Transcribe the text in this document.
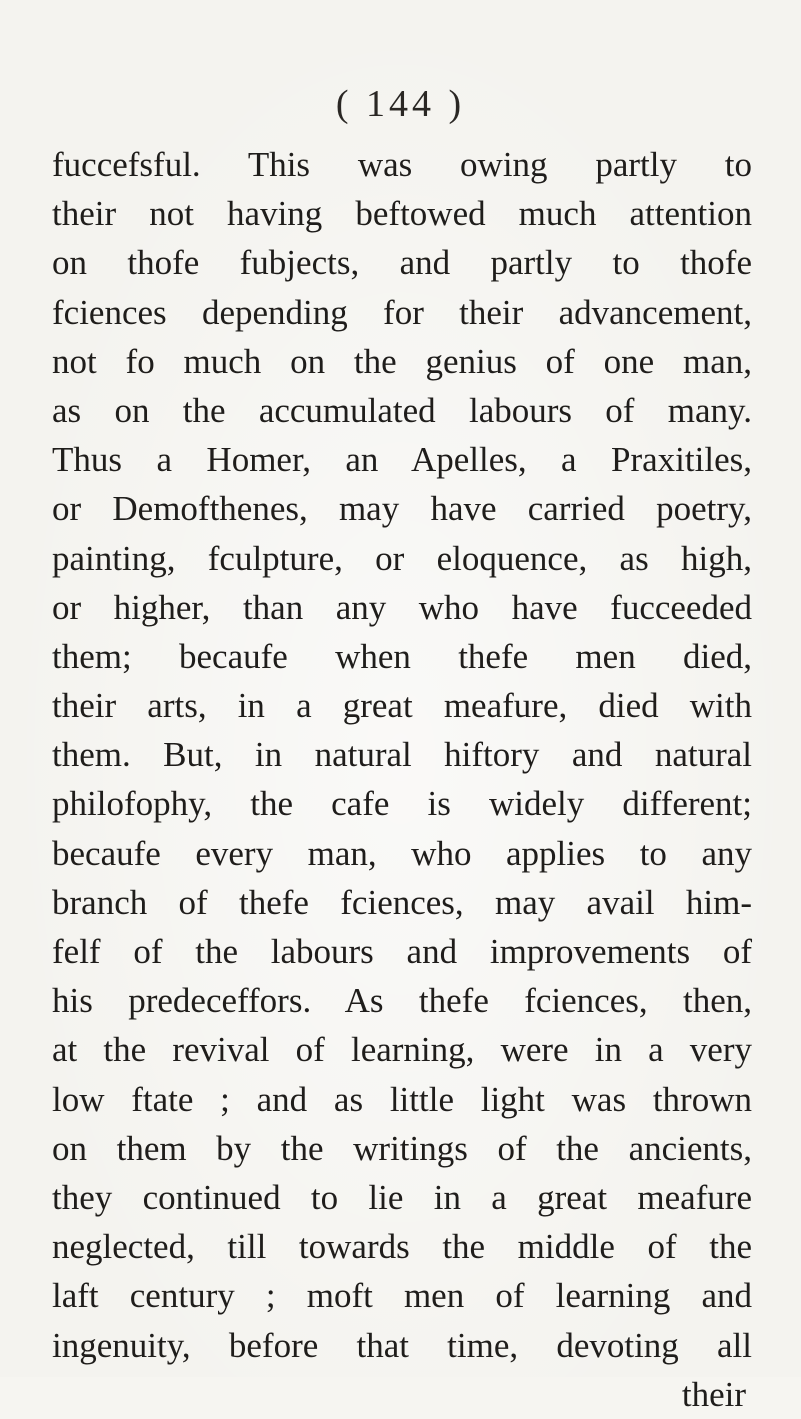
( 144 )
fuccefsful. This was owing partly to
their not having beftowed much attention
on thofe fubjects, and partly to thofe
fciences depending for their advancement,
not fo much on the genius of one man,
as on the accumulated labours of many.
Thus a Homer, an Apelles, a Praxitiles,
or Demofthenes, may have carried poetry,
painting, fculpture, or eloquence, as high,
or higher, than any who have fucceeded
them; becaufe when thefe men died,
their arts, in a great meafure, died with
them. But, in natural hiftory and natural
philofophy, the cafe is widely different;
becaufe every man, who applies to any
branch of thefe fciences, may avail him-
felf of the labours and improvements of
his predeceffors. As thefe fciences, then,
at the revival of learning, were in a very
low ftate ; and as little light was thrown
on them by the writings of the ancients,
they continued to lie in a great meafure
neglected, till towards the middle of the
laft century ; moft men of learning and
ingenuity, before that time, devoting all
their
